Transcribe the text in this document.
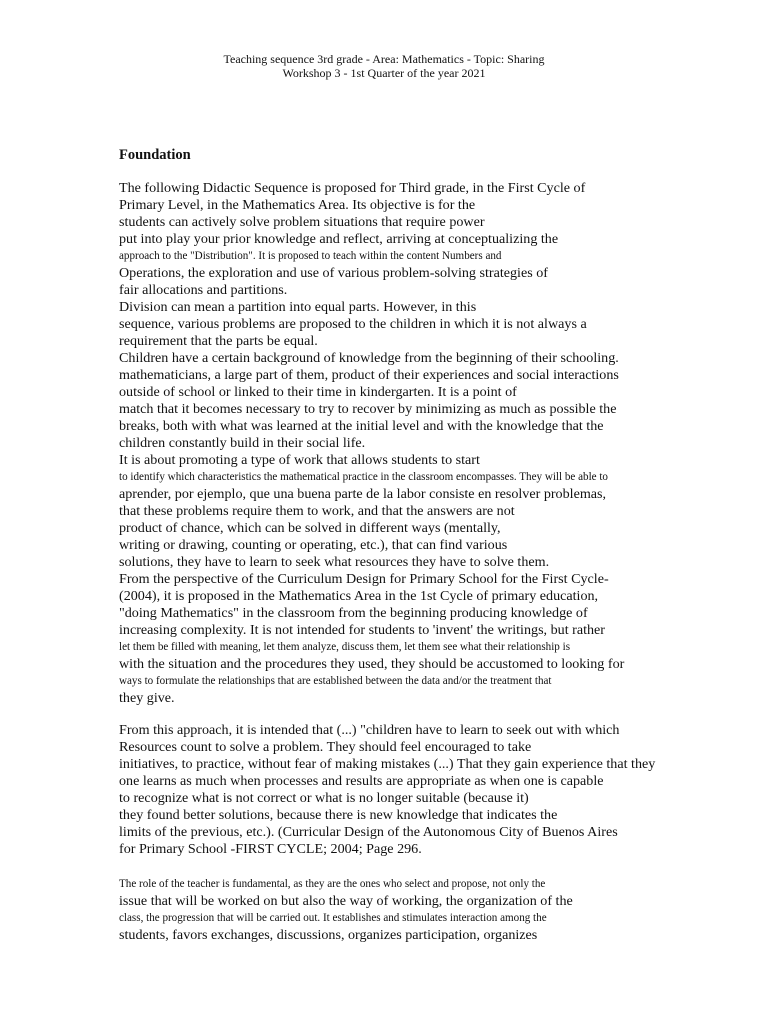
Teaching sequence 3rd grade - Area: Mathematics - Topic: Sharing
Workshop 3 - 1st Quarter of the year 2021
Foundation
The following Didactic Sequence is proposed for Third grade, in the First Cycle of
Primary Level, in the Mathematics Area. Its objective is for the
students can actively solve problem situations that require power
put into play your prior knowledge and reflect, arriving at conceptualizing the
approach to the "Distribution". It is proposed to teach within the content Numbers and
Operations, the exploration and use of various problem-solving strategies of
fair allocations and partitions.
Division can mean a partition into equal parts. However, in this
sequence, various problems are proposed to the children in which it is not always a
requirement that the parts be equal.
Children have a certain background of knowledge from the beginning of their schooling.
mathematicians, a large part of them, product of their experiences and social interactions
outside of school or linked to their time in kindergarten. It is a point of
match that it becomes necessary to try to recover by minimizing as much as possible the
breaks, both with what was learned at the initial level and with the knowledge that the
children constantly build in their social life.
It is about promoting a type of work that allows students to start
to identify which characteristics the mathematical practice in the classroom encompasses. They will be able to
aprender, por ejemplo, que una buena parte de la labor consiste en resolver problemas,
that these problems require them to work, and that the answers are not
product of chance, which can be solved in different ways (mentally,
writing or drawing, counting or operating, etc.), that can find various
solutions, they have to learn to seek what resources they have to solve them.
From the perspective of the Curriculum Design for Primary School for the First Cycle-
(2004), it is proposed in the Mathematics Area in the 1st Cycle of primary education,
"doing Mathematics" in the classroom from the beginning producing knowledge of
increasing complexity. It is not intended for students to 'invent' the writings, but rather
let them be filled with meaning, let them analyze, discuss them, let them see what their relationship is
with the situation and the procedures they used, they should be accustomed to looking for
ways to formulate the relationships that are established between the data and/or the treatment that
they give.
From this approach, it is intended that (...) "children have to learn to seek out with which
Resources count to solve a problem. They should feel encouraged to take
initiatives, to practice, without fear of making mistakes (...) That they gain experience that they
one learns as much when processes and results are appropriate as when one is capable
to recognize what is not correct or what is no longer suitable (because it)
they found better solutions, because there is new knowledge that indicates the
limits of the previous, etc.). (Curricular Design of the Autonomous City of Buenos Aires
for Primary School -FIRST CYCLE; 2004; Page 296.
The role of the teacher is fundamental, as they are the ones who select and propose, not only the
issue that will be worked on but also the way of working, the organization of the
class, the progression that will be carried out. It establishes and stimulates interaction among the
students, favors exchanges, discussions, organizes participation, organizes
